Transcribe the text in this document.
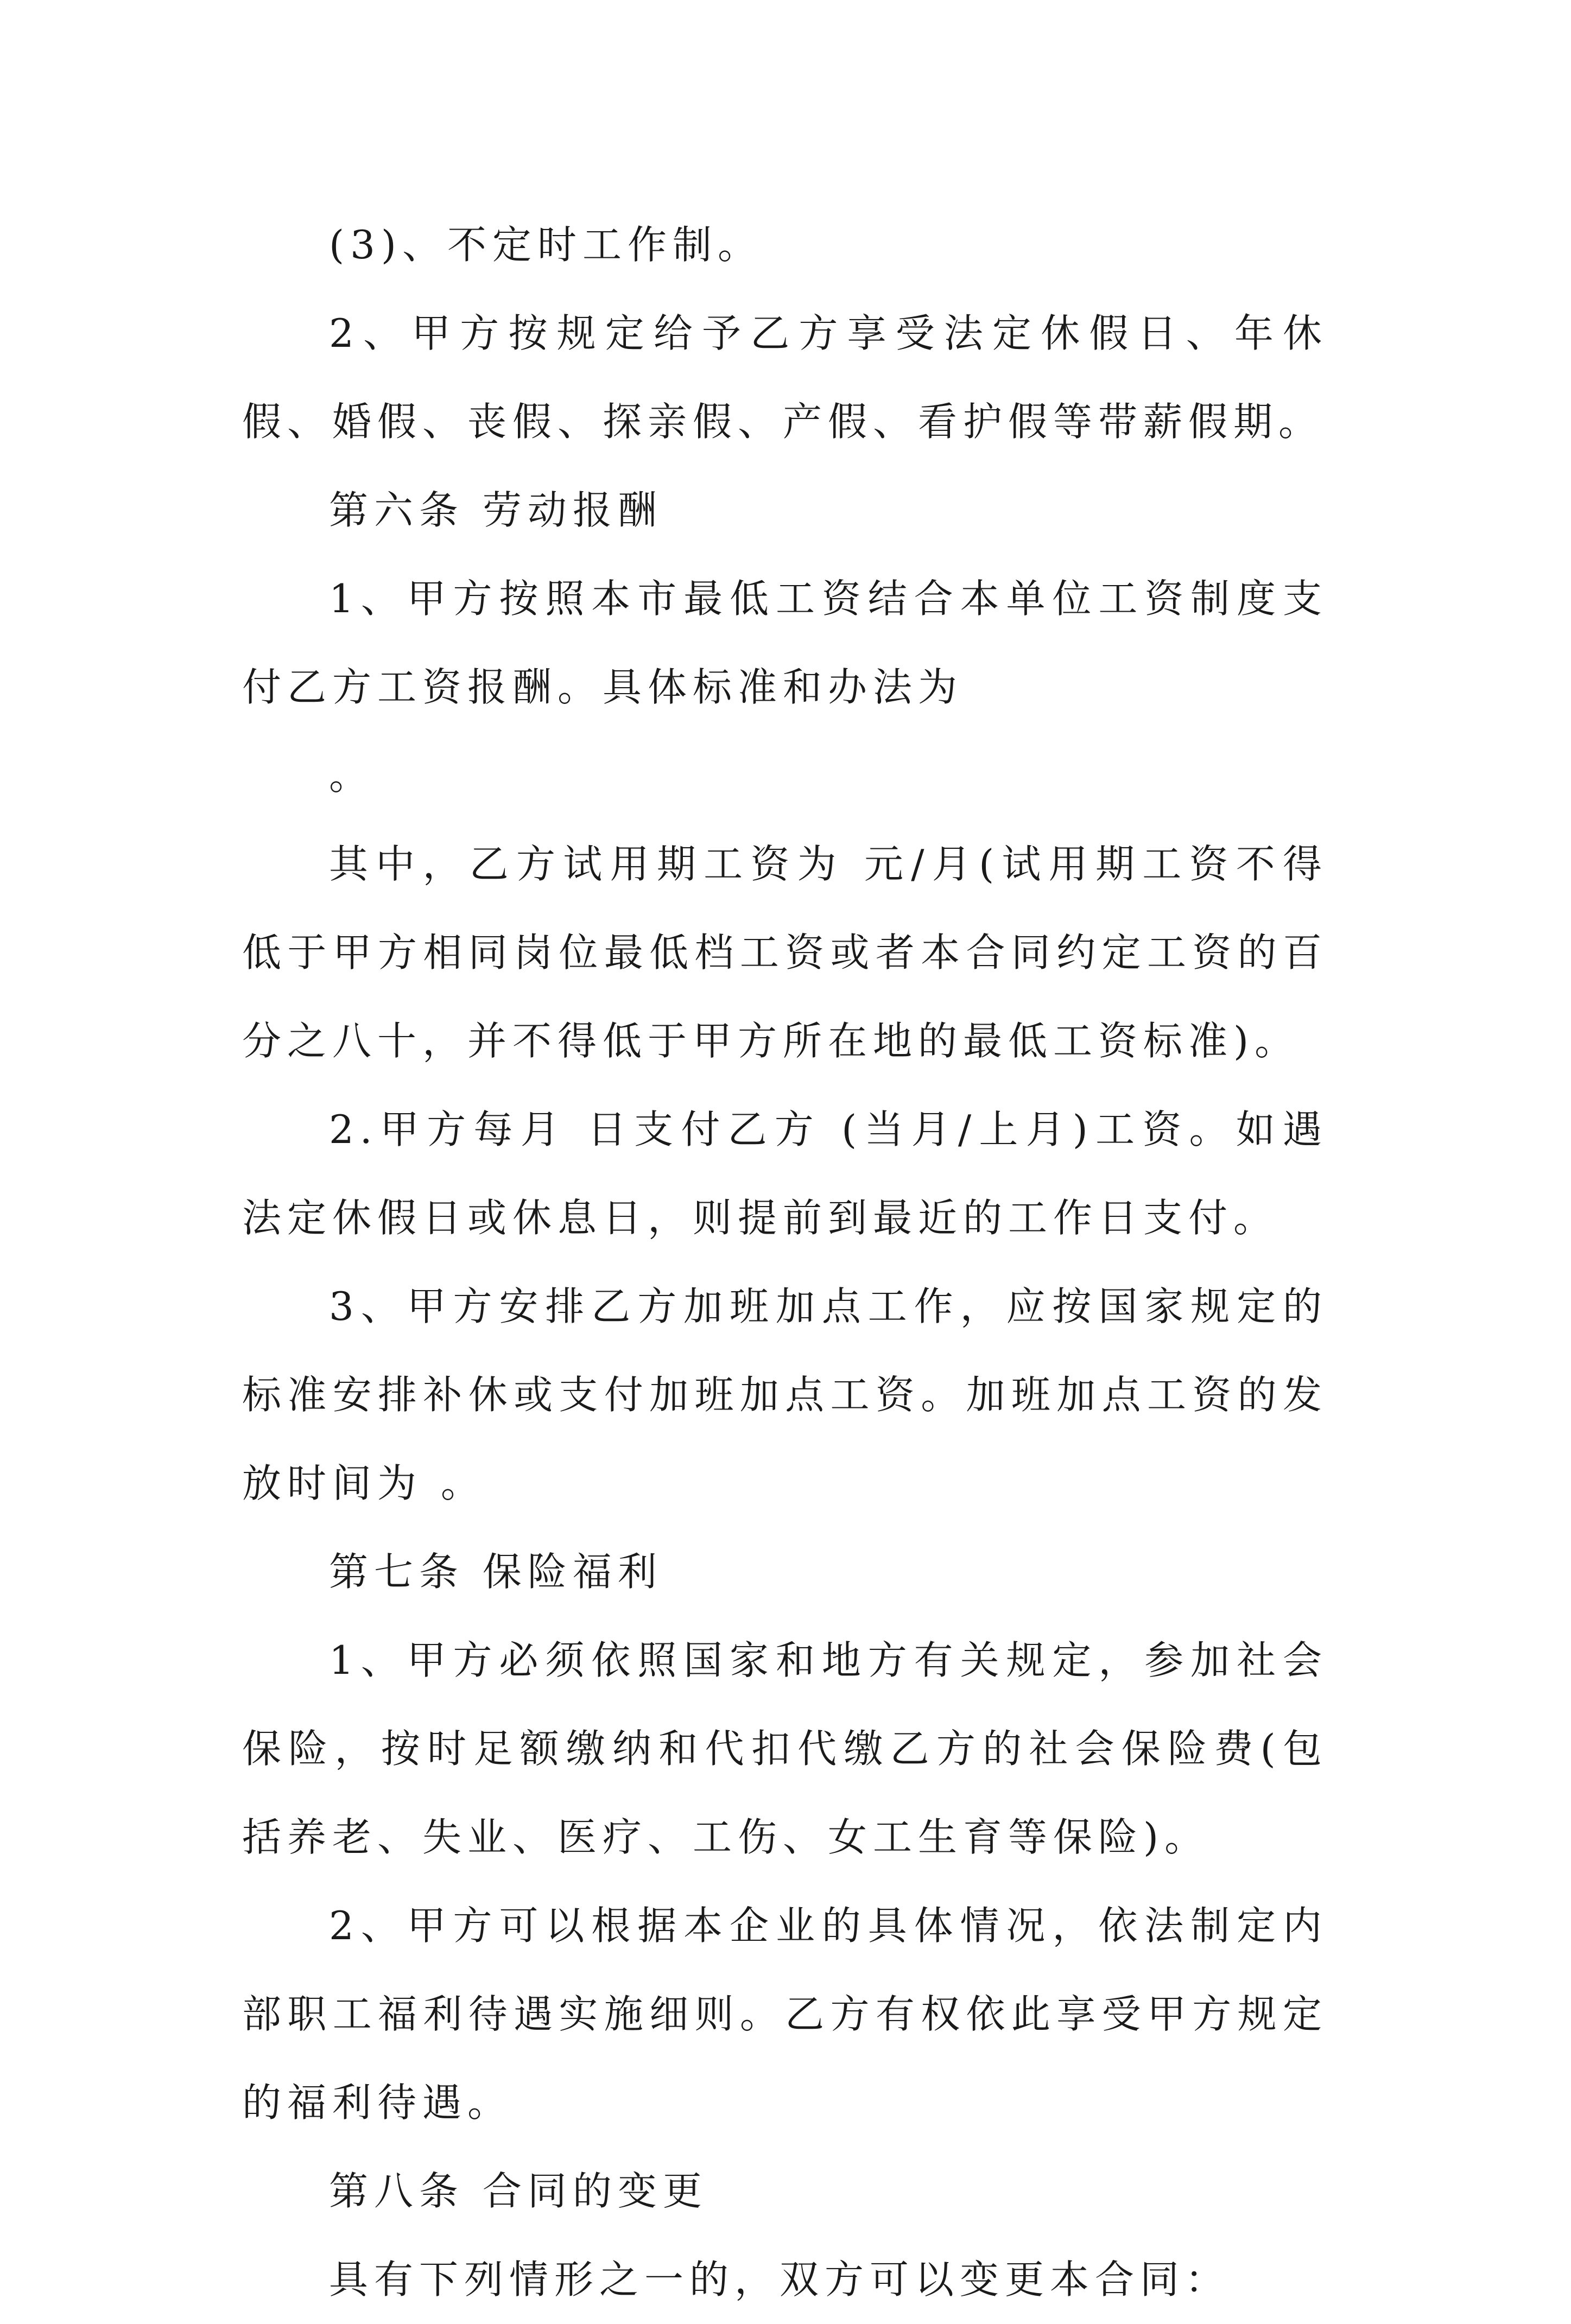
(3)、不定时工作制。

2、甲方按规定给予乙方享受法定休假日、年休假、婚假、丧假、探亲假、产假、看护假等带薪假期。

第六条 劳动报酬

1、甲方按照本市最低工资结合本单位工资制度支付乙方工资报酬。具体标准和办法为

。

其中，乙方试用期工资为 元/月(试用期工资不得低于甲方相同岗位最低档工资或者本合同约定工资的百分之八十，并不得低于甲方所在地的最低工资标准)。

2.甲方每月 日支付乙方 (当月/上月)工资。如遇法定休假日或休息日，则提前到最近的工作日支付。

3、甲方安排乙方加班加点工作，应按国家规定的标准安排补休或支付加班加点工资。加班加点工资的发放时间为 。

第七条 保险福利

1、甲方必须依照国家和地方有关规定，参加社会保险，按时足额缴纳和代扣代缴乙方的社会保险费(包括养老、失业、医疗、工伤、女工生育等保险)。

2、甲方可以根据本企业的具体情况，依法制定内部职工福利待遇实施细则。乙方有权依此享受甲方规定的福利待遇。

第八条 合同的变更

具有下列情形之一的，双方可以变更本合同：
